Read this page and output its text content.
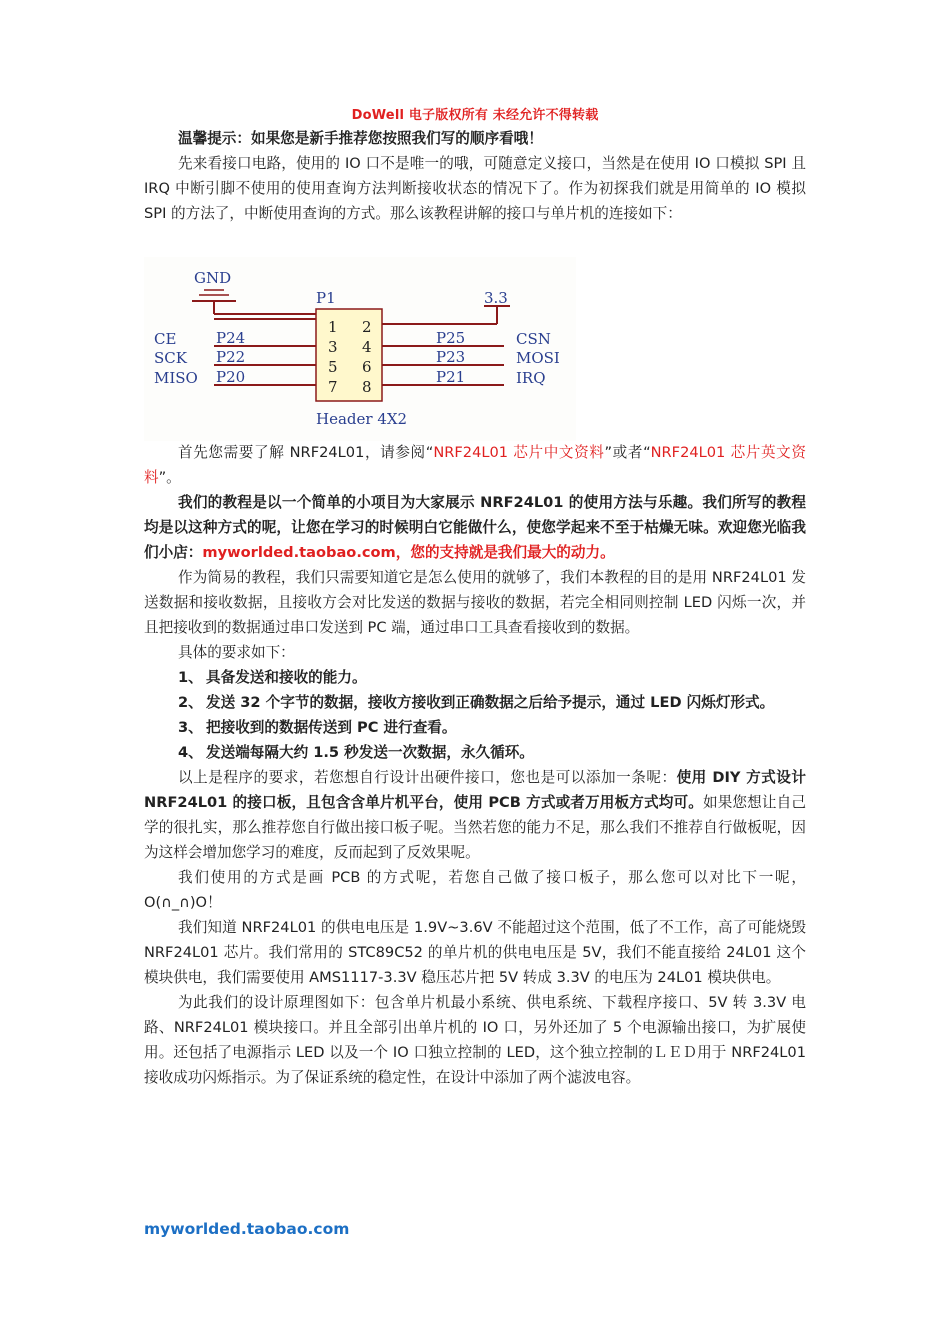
DoWell 电子版权所有 未经允许不得转载

温馨提示：如果您是新手推荐您按照我们写的顺序看哦！

先来看接口电路，使用的 IO 口不是唯一的哦，可随意定义接口，当然是在使用 IO 口模拟 SPI 且 IRQ 中断引脚不使用的使用查询方法判断接收状态的情况下了。作为初探我们就是用简单的 IO 模拟 SPI 的方法了，中断使用查询的方式。那么该教程讲解的接口与单片机的连接如下：

首先您需要了解 NRF24L01，请参阅“NRF24L01 芯片中文资料”或者“NRF24L01 芯片英文资料”。

我们的教程是以一个简单的小项目为大家展示 NRF24L01 的使用方法与乐趣。我们所写的教程均是以这种方式的呢，让您在学习的时候明白它能做什么，使您学起来不至于枯燥无味。欢迎您光临我们小店：myworlded.taobao.com，您的支持就是我们最大的动力。

作为简易的教程，我们只需要知道它是怎么使用的就够了，我们本教程的目的是用 NRF24L01 发送数据和接收数据，且接收方会对比发送的数据与接收的数据，若完全相同则控制 LED 闪烁一次，并且把接收到的数据通过串口发送到 PC 端，通过串口工具查看接收到的数据。

具体的要求如下：

1、 具备发送和接收的能力。
2、 发送 32 个字节的数据，接收方接收到正确数据之后给予提示，通过 LED 闪烁灯形式。
3、 把接收到的数据传送到 PC 进行查看。
4、 发送端每隔大约 1.5 秒发送一次数据，永久循环。

以上是程序的要求，若您想自行设计出硬件接口，您也是可以添加一条呢：使用 DIY 方式设计 NRF24L01 的接口板，且包含含单片机平台，使用 PCB 方式或者万用板方式均可。如果您想让自己学的很扎实，那么推荐您自行做出接口板子呢。当然若您的能力不足，那么我们不推荐自行做板呢，因为这样会增加您学习的难度，反而起到了反效果呢。

我们使用的方式是画 PCB 的方式呢，若您自己做了接口板子，那么您可以对比下一呢，O(∩_∩)O！

我们知道 NRF24L01 的供电电压是 1.9V~3.6V 不能超过这个范围，低了不工作，高了可能烧毁 NRF24L01 芯片。我们常用的 STC89C52 的单片机的供电电压是 5V，我们不能直接给 24L01 这个模块供电，我们需要使用 AMS1117-3.3V 稳压芯片把 5V 转成 3.3V 的电压为 24L01 模块供电。

为此我们的设计原理图如下：包含单片机最小系统、供电系统、下载程序接口、5V 转 3.3V 电路、NRF24L01 模块接口。并且全部引出单片机的 IO 口，另外还加了 5 个电源输出接口，为扩展使用。还包括了电源指示 LED 以及一个 IO 口独立控制的 LED，这个独立控制的ＬＥＤ用于 NRF24L01 接收成功闪烁指示。为了保证系统的稳定性，在设计中添加了两个滤波电容。

GND
3.3
P1
Header 4X2
1
3
5
7
2
4
6
8
CE
SCK
MISO
P24
P22
P20
P25
P23
P21
CSN
MOSI
IRQ
myworlded.taobao.com
